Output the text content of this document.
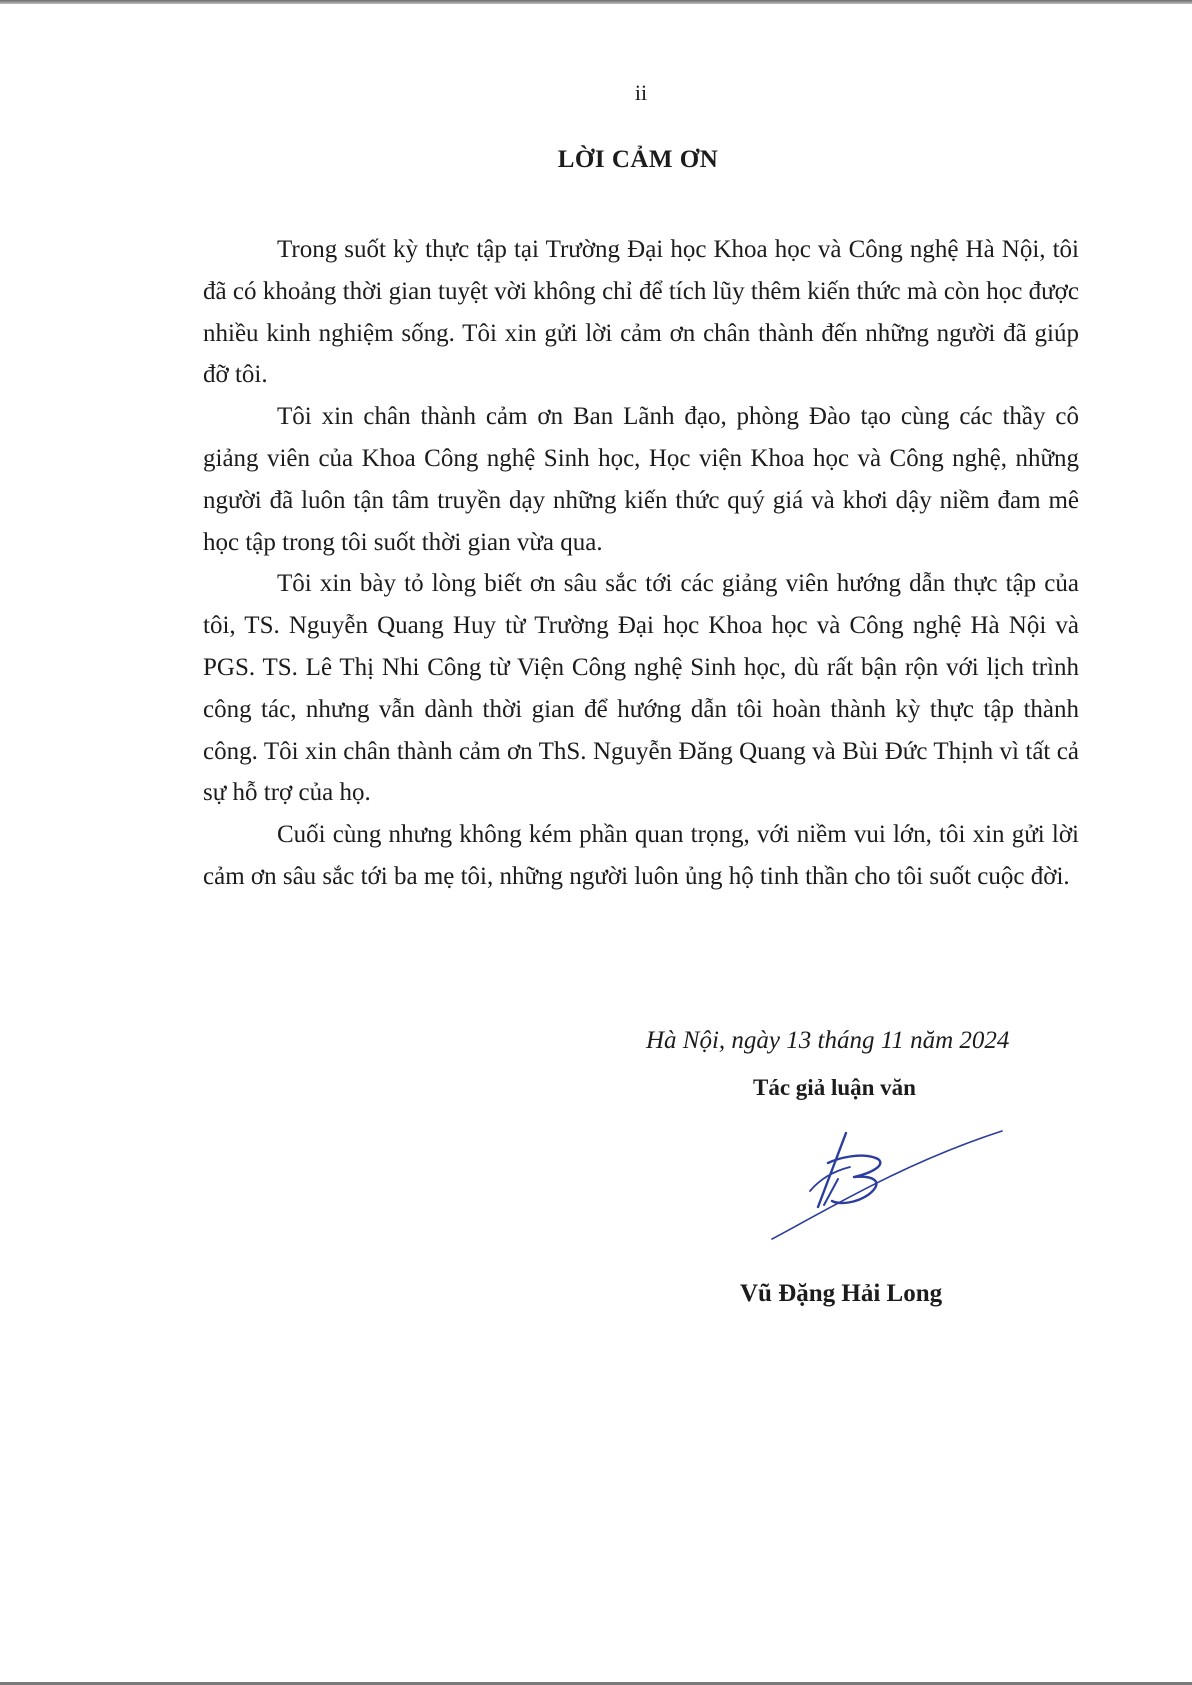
ii
LỜI CẢM ƠN

Trong suốt kỳ thực tập tại Trường Đại học Khoa học và Công nghệ Hà Nội, tôi đã có khoảng thời gian tuyệt vời không chỉ để tích lũy thêm kiến thức mà còn học được nhiều kinh nghiệm sống. Tôi xin gửi lời cảm ơn chân thành đến những người đã giúp đỡ tôi.

Tôi xin chân thành cảm ơn Ban Lãnh đạo, phòng Đào tạo cùng các thầy cô giảng viên của Khoa Công nghệ Sinh học, Học viện Khoa học và Công nghệ, những người đã luôn tận tâm truyền dạy những kiến thức quý giá và khơi dậy niềm đam mê học tập trong tôi suốt thời gian vừa qua.

Tôi xin bày tỏ lòng biết ơn sâu sắc tới các giảng viên hướng dẫn thực tập của tôi, TS. Nguyễn Quang Huy từ Trường Đại học Khoa học và Công nghệ Hà Nội và PGS. TS. Lê Thị Nhi Công từ Viện Công nghệ Sinh học, dù rất bận rộn với lịch trình công tác, nhưng vẫn dành thời gian để hướng dẫn tôi hoàn thành kỳ thực tập thành công. Tôi xin chân thành cảm ơn ThS. Nguyễn Đăng Quang và Bùi Đức Thịnh vì tất cả sự hỗ trợ của họ.

Cuối cùng nhưng không kém phần quan trọng, với niềm vui lớn, tôi xin gửi lời cảm ơn sâu sắc tới ba mẹ tôi, những người luôn ủng hộ tinh thần cho tôi suốt cuộc đời.

Hà Nội, ngày 13 tháng 11 năm 2024
Tác giả luận văn
Vũ Đặng Hải Long
